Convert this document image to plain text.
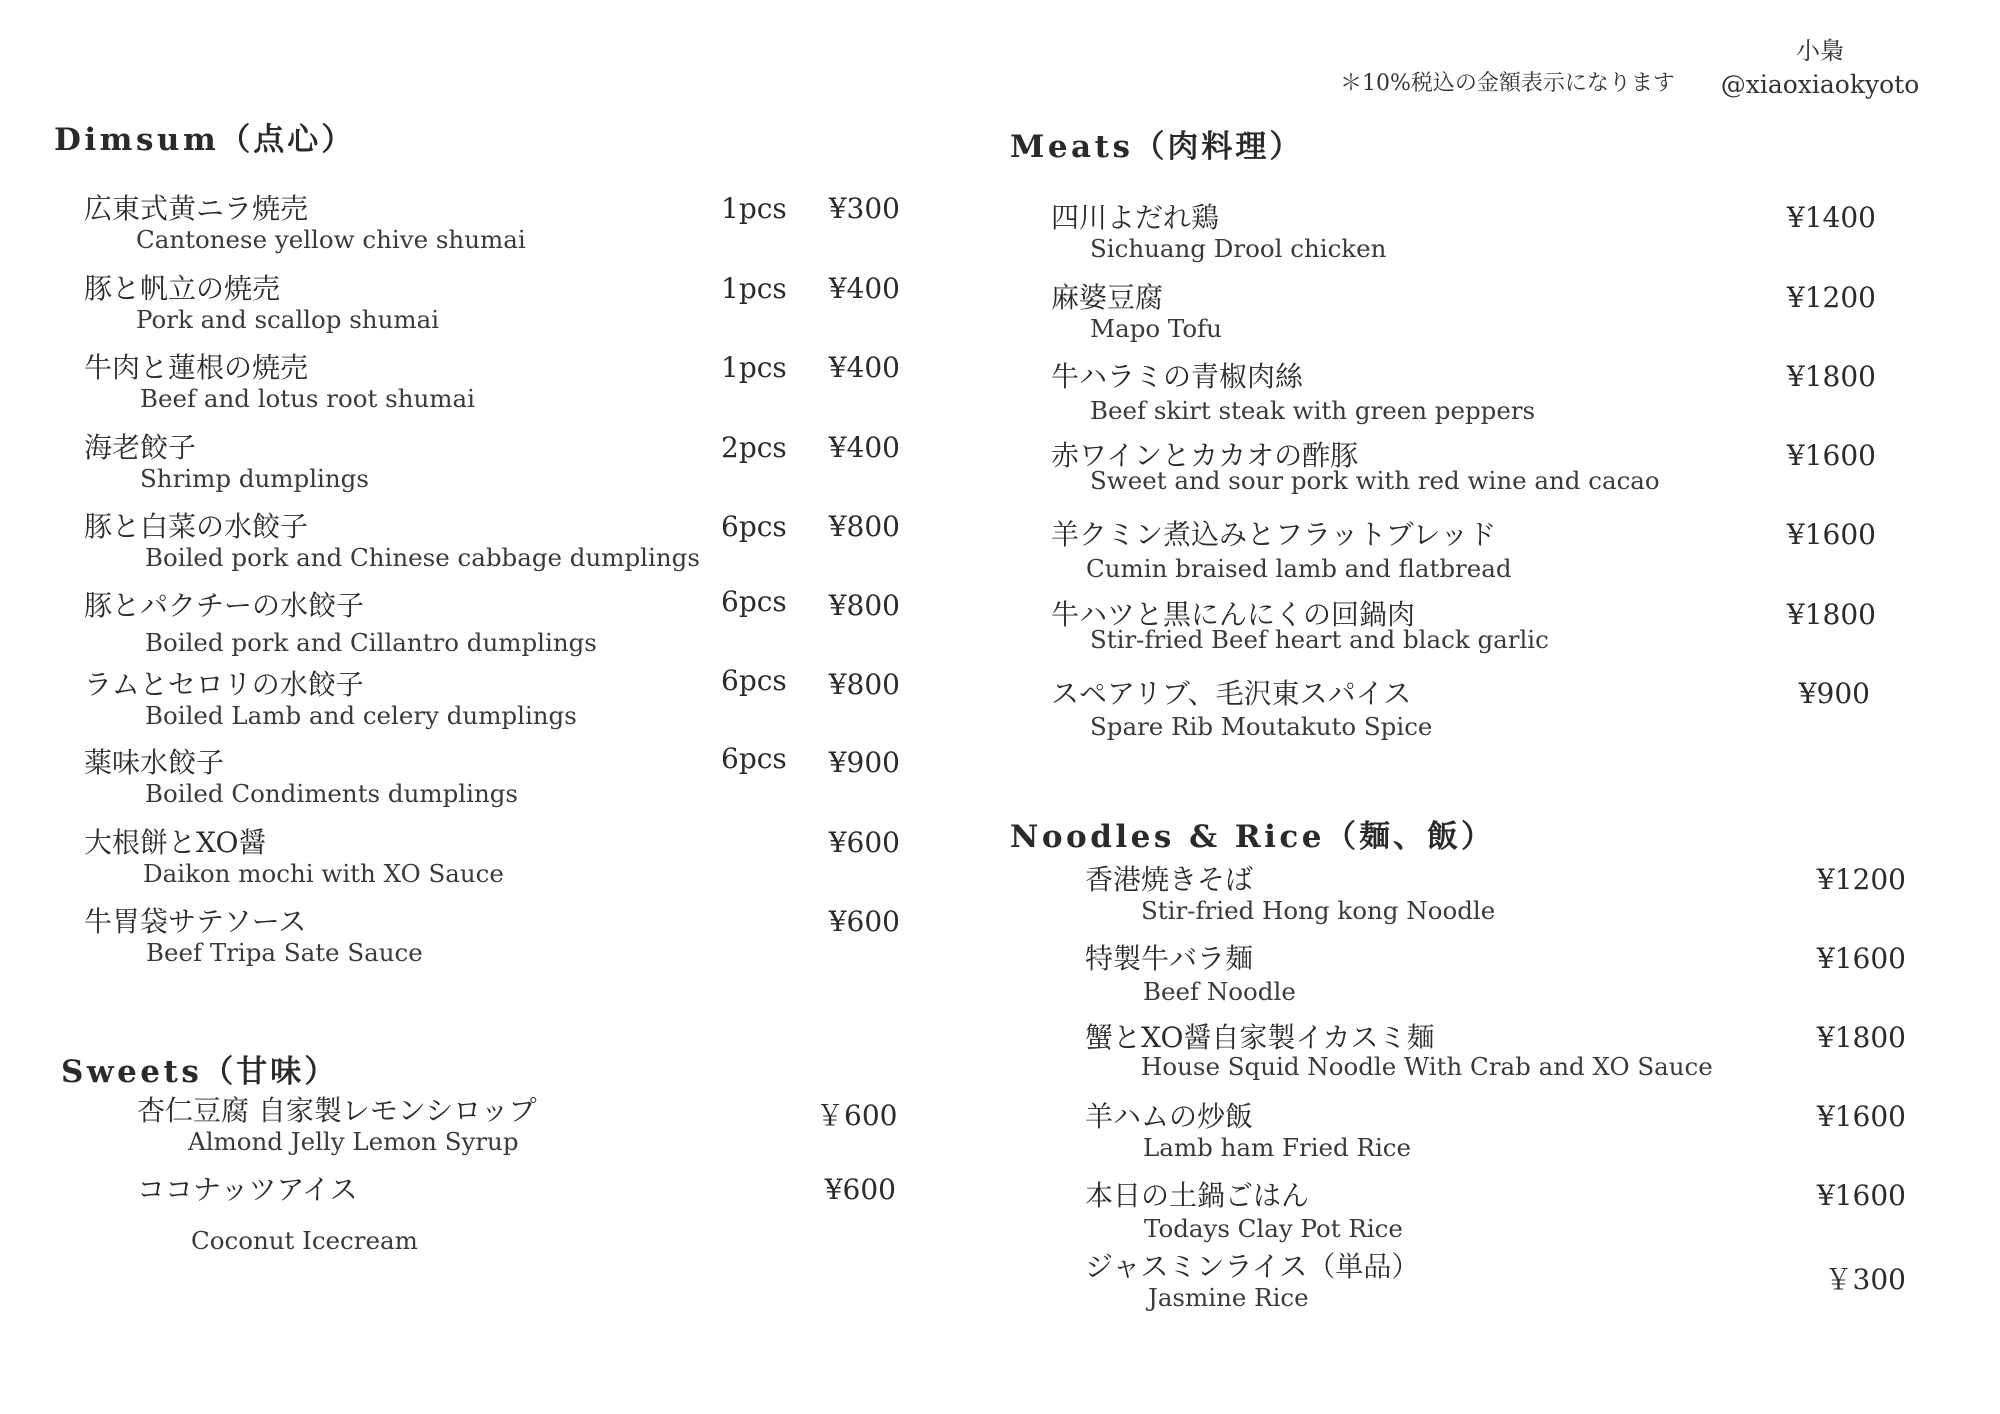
＊10%税込の金額表示になります
小梟
@xiaoxiaokyoto
Dimsum（点心）
広東式黄ニラ焼売
Cantonese yellow chive shumai
1pcs	¥300
豚と帆立の焼売
Pork and scallop shumai
1pcs	¥400
牛肉と蓮根の焼売
Beef and lotus root shumai
1pcs	¥400
海老餃子
Shrimp dumplings
2pcs	¥400
豚と白菜の水餃子
Boiled pork and Chinese cabbage dumplings
6pcs	¥800
豚とパクチーの水餃子
Boiled pork and Cillantro dumplings
6pcs	¥800
ラムとセロリの水餃子
Boiled Lamb and celery dumplings
6pcs	¥800
薬味水餃子
Boiled Condiments dumplings
6pcs	¥900
大根餅とXO醤
Daikon mochi with XO Sauce
¥600
牛胃袋サテソース
Beef Tripa Sate Sauce
¥600
Sweets（甘味）
杏仁豆腐 自家製レモンシロップ
Almond Jelly Lemon Syrup
￥600
ココナッツアイス
Coconut Icecream
¥600
Meats（肉料理）
四川よだれ鶏
Sichuang Drool chicken
¥1400
麻婆豆腐
Mapo Tofu
¥1200
牛ハラミの青椒肉絲
Beef skirt steak with green peppers
¥1800
赤ワインとカカオの酢豚
Sweet and sour pork with red wine and cacao
¥1600
羊クミン煮込みとフラットブレッド
Cumin braised lamb and flatbread
¥1600
牛ハツと黒にんにくの回鍋肉
Stir-fried Beef heart and black garlic
¥1800
スペアリブ、毛沢東スパイス
Spare Rib Moutakuto Spice
¥900
Noodles & Rice（麺、飯）
香港焼きそば
Stir-fried Hong kong Noodle
¥1200
特製牛バラ麺
Beef Noodle
¥1600
蟹とXO醤自家製イカスミ麺
House Squid Noodle With Crab and XO Sauce
¥1800
羊ハムの炒飯
Lamb ham Fried Rice
¥1600
本日の土鍋ごはん
Todays Clay Pot Rice
¥1600
ジャスミンライス（単品）
Jasmine Rice
￥300
